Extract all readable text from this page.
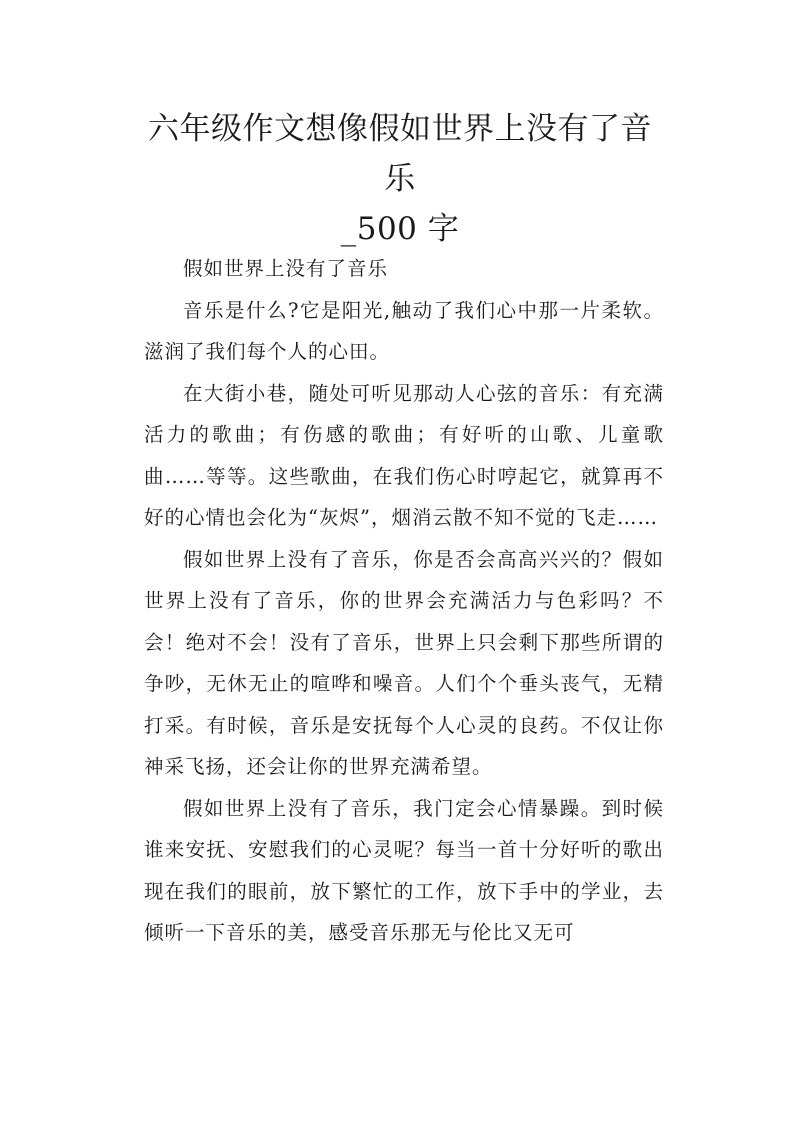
六年级作文想像假如世界上没有了音乐
_500 字

假如世界上没有了音乐

音乐是什么?它是阳光,触动了我们心中那一片柔软。滋润了我们每个人的心田。

在大街小巷，随处可听见那动人心弦的音乐：有充满活力的歌曲；有伤感的歌曲；有好听的山歌、儿童歌曲……等等。这些歌曲，在我们伤心时哼起它，就算再不好的心情也会化为“灰烬”，烟消云散不知不觉的飞走……

假如世界上没有了音乐，你是否会高高兴兴的？假如世界上没有了音乐，你的世界会充满活力与色彩吗？不会！绝对不会！没有了音乐，世界上只会剩下那些所谓的争吵，无休无止的喧哗和噪音。人们个个垂头丧气，无精打采。有时候，音乐是安抚每个人心灵的良药。不仅让你神采飞扬，还会让你的世界充满希望。

假如世界上没有了音乐，我门定会心情暴躁。到时候谁来安抚、安慰我们的心灵呢？每当一首十分好听的歌出现在我们的眼前，放下繁忙的工作，放下手中的学业，去倾听一下音乐的美，感受音乐那无与伦比又无可
